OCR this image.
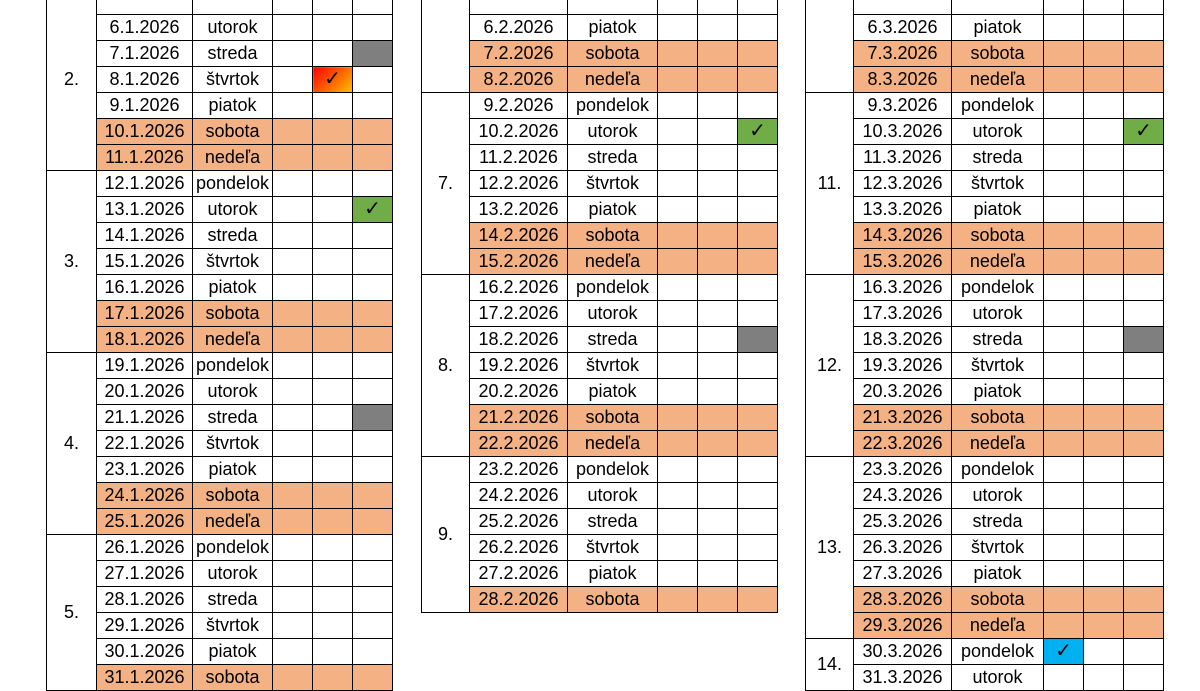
2.					
	6.1.2026	utorok			
	7.1.2026	streda			
	8.1.2026	štvrtok		✓	
	9.1.2026	piatok			
	10.1.2026	sobota			
	11.1.2026	nedeľa			
3.	12.1.2026	pondelok			
	13.1.2026	utorok			✓
	14.1.2026	streda			
	15.1.2026	štvrtok			
	16.1.2026	piatok			
	17.1.2026	sobota			
	18.1.2026	nedeľa			
4.	19.1.2026	pondelok			
	20.1.2026	utorok			
	21.1.2026	streda			
	22.1.2026	štvrtok			
	23.1.2026	piatok			
	24.1.2026	sobota			
	25.1.2026	nedeľa			
5.	26.1.2026	pondelok			
	27.1.2026	utorok			
	28.1.2026	streda			
	29.1.2026	štvrtok			
	30.1.2026	piatok			
	31.1.2026	sobota			

	6.2.2026	piatok			
	7.2.2026	sobota			
	8.2.2026	nedeľa			
7.	9.2.2026	pondelok			
	10.2.2026	utorok			✓
	11.2.2026	streda			
	12.2.2026	štvrtok			
	13.2.2026	piatok			
	14.2.2026	sobota			
	15.2.2026	nedeľa			
8.	16.2.2026	pondelok			
	17.2.2026	utorok			
	18.2.2026	streda			
	19.2.2026	štvrtok			
	20.2.2026	piatok			
	21.2.2026	sobota			
	22.2.2026	nedeľa			
9.	23.2.2026	pondelok			
	24.2.2026	utorok			
	25.2.2026	streda			
	26.2.2026	štvrtok			
	27.2.2026	piatok			
	28.2.2026	sobota			

	6.3.2026	piatok			
	7.3.2026	sobota			
	8.3.2026	nedeľa			
11.	9.3.2026	pondelok			
	10.3.2026	utorok			✓
	11.3.2026	streda			
	12.3.2026	štvrtok			
	13.3.2026	piatok			
	14.3.2026	sobota			
	15.3.2026	nedeľa			
12.	16.3.2026	pondelok			
	17.3.2026	utorok			
	18.3.2026	streda			
	19.3.2026	štvrtok			
	20.3.2026	piatok			
	21.3.2026	sobota			
	22.3.2026	nedeľa			
13.	23.3.2026	pondelok			
	24.3.2026	utorok			
	25.3.2026	streda			
	26.3.2026	štvrtok			
	27.3.2026	piatok			
	28.3.2026	sobota			
	29.3.2026	nedeľa			
14.	30.3.2026	pondelok	✓		
	31.3.2026	utorok			
